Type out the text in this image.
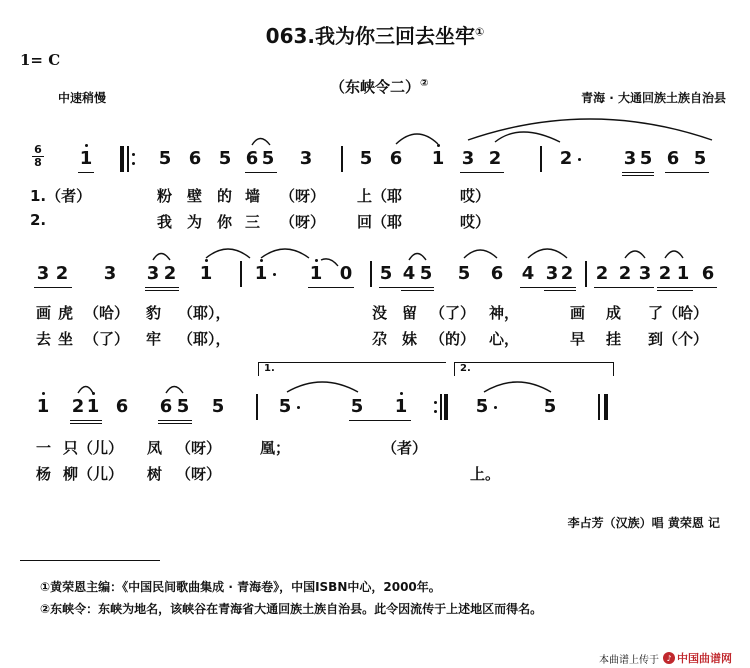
063.我为你三回去坐牢①
1= C
（东峡令二）②
中速稍慢	青海 · 大通回族土族自治县
6
8	1	5 6 5 6 5 3	5 6 1 3 2	2	3 5 6 5
1.（者）	粉 壁 的 墙 （呀） 上 （耶	哎）
2.	我 为 你 三 （呀） 回 （耶	哎）
3 2 3 3 2 1 1 1 0 5 4 5 5 6 4 3 2 2 2 3 2 1 6
画 虎 （哈） 豹 （耶），	没 留 （了） 神，	画 成 了（哈）
去 坐 （了） 牢 （耶），	尕 妹 （的） 心，	早 挂 到（个）
1 2 1 6 6 5 5
1.
5	5 1
2.
5	5
一 只（儿） 凤 （呀）	凰；	（者）
杨 柳（儿） 树 （呀）	上。
李占芳（汉族）唱 黄荣恩 记
①黄荣恩主编：《中国民间歌曲集成 · 青海卷》，中国ISBN中心，2000年。
②东峡令：东峡为地名，该峡谷在青海省大通回族土族自治县。此令因流传于上述地区而得名。
本曲谱上传于 ♪ 中国曲谱网
